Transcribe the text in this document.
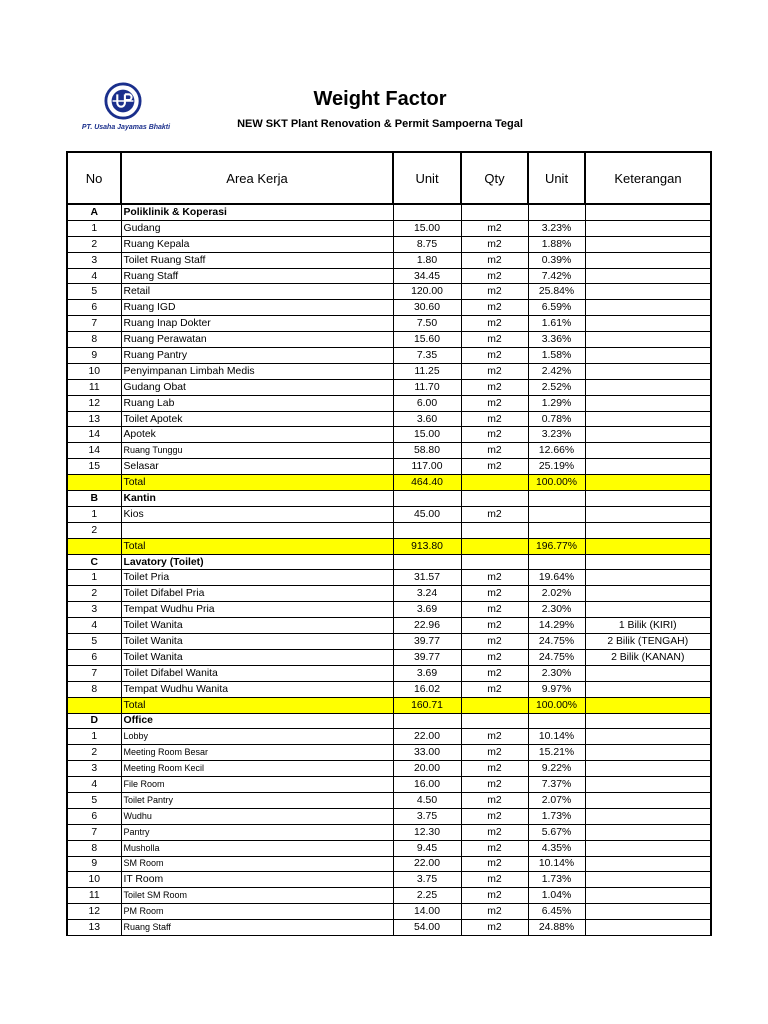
PT. Usaha Jayamas Bhakti
Weight Factor
NEW SKT Plant Renovation & Permit Sampoerna Tegal
No	Area Kerja	Unit	Qty	Unit	Keterangan
A	Poliklinik & Koperasi				
1	Gudang	15.00	m2	3.23%	
2	Ruang Kepala	8.75	m2	1.88%	
3	Toilet Ruang Staff	1.80	m2	0.39%	
4	Ruang Staff	34.45	m2	7.42%	
5	Retail	120.00	m2	25.84%	
6	Ruang IGD	30.60	m2	6.59%	
7	Ruang Inap Dokter	7.50	m2	1.61%	
8	Ruang Perawatan	15.60	m2	3.36%	
9	Ruang Pantry	7.35	m2	1.58%	
10	Penyimpanan Limbah Medis	11.25	m2	2.42%	
11	Gudang Obat	11.70	m2	2.52%	
12	Ruang Lab	6.00	m2	1.29%	
13	Toilet Apotek	3.60	m2	0.78%	
14	Apotek	15.00	m2	3.23%	
14	Ruang Tunggu	58.80	m2	12.66%	
15	Selasar	117.00	m2	25.19%	
	Total	464.40		100.00%	
B	Kantin				
1	Kios	45.00	m2		
2					
	Total	913.80		196.77%	
C	Lavatory (Toilet)				
1	Toilet Pria	31.57	m2	19.64%	
2	Toilet Difabel Pria	3.24	m2	2.02%	
3	Tempat Wudhu Pria	3.69	m2	2.30%	
4	Toilet Wanita	22.96	m2	14.29%	1 Bilik (KIRI)
5	Toilet Wanita	39.77	m2	24.75%	2 Bilik (TENGAH)
6	Toilet Wanita	39.77	m2	24.75%	2 Bilik (KANAN)
7	Toilet Difabel Wanita	3.69	m2	2.30%	
8	Tempat Wudhu Wanita	16.02	m2	9.97%	
	Total	160.71		100.00%	
D	Office				
1	Lobby	22.00	m2	10.14%	
2	Meeting Room Besar	33.00	m2	15.21%	
3	Meeting Room Kecil	20.00	m2	9.22%	
4	File Room	16.00	m2	7.37%	
5	Toilet Pantry	4.50	m2	2.07%	
6	Wudhu	3.75	m2	1.73%	
7	Pantry	12.30	m2	5.67%	
8	Musholla	9.45	m2	4.35%	
9	SM Room	22.00	m2	10.14%	
10	IT Room	3.75	m2	1.73%	
11	Toilet SM Room	2.25	m2	1.04%	
12	PM Room	14.00	m2	6.45%	
13	Ruang Staff	54.00	m2	24.88%	
